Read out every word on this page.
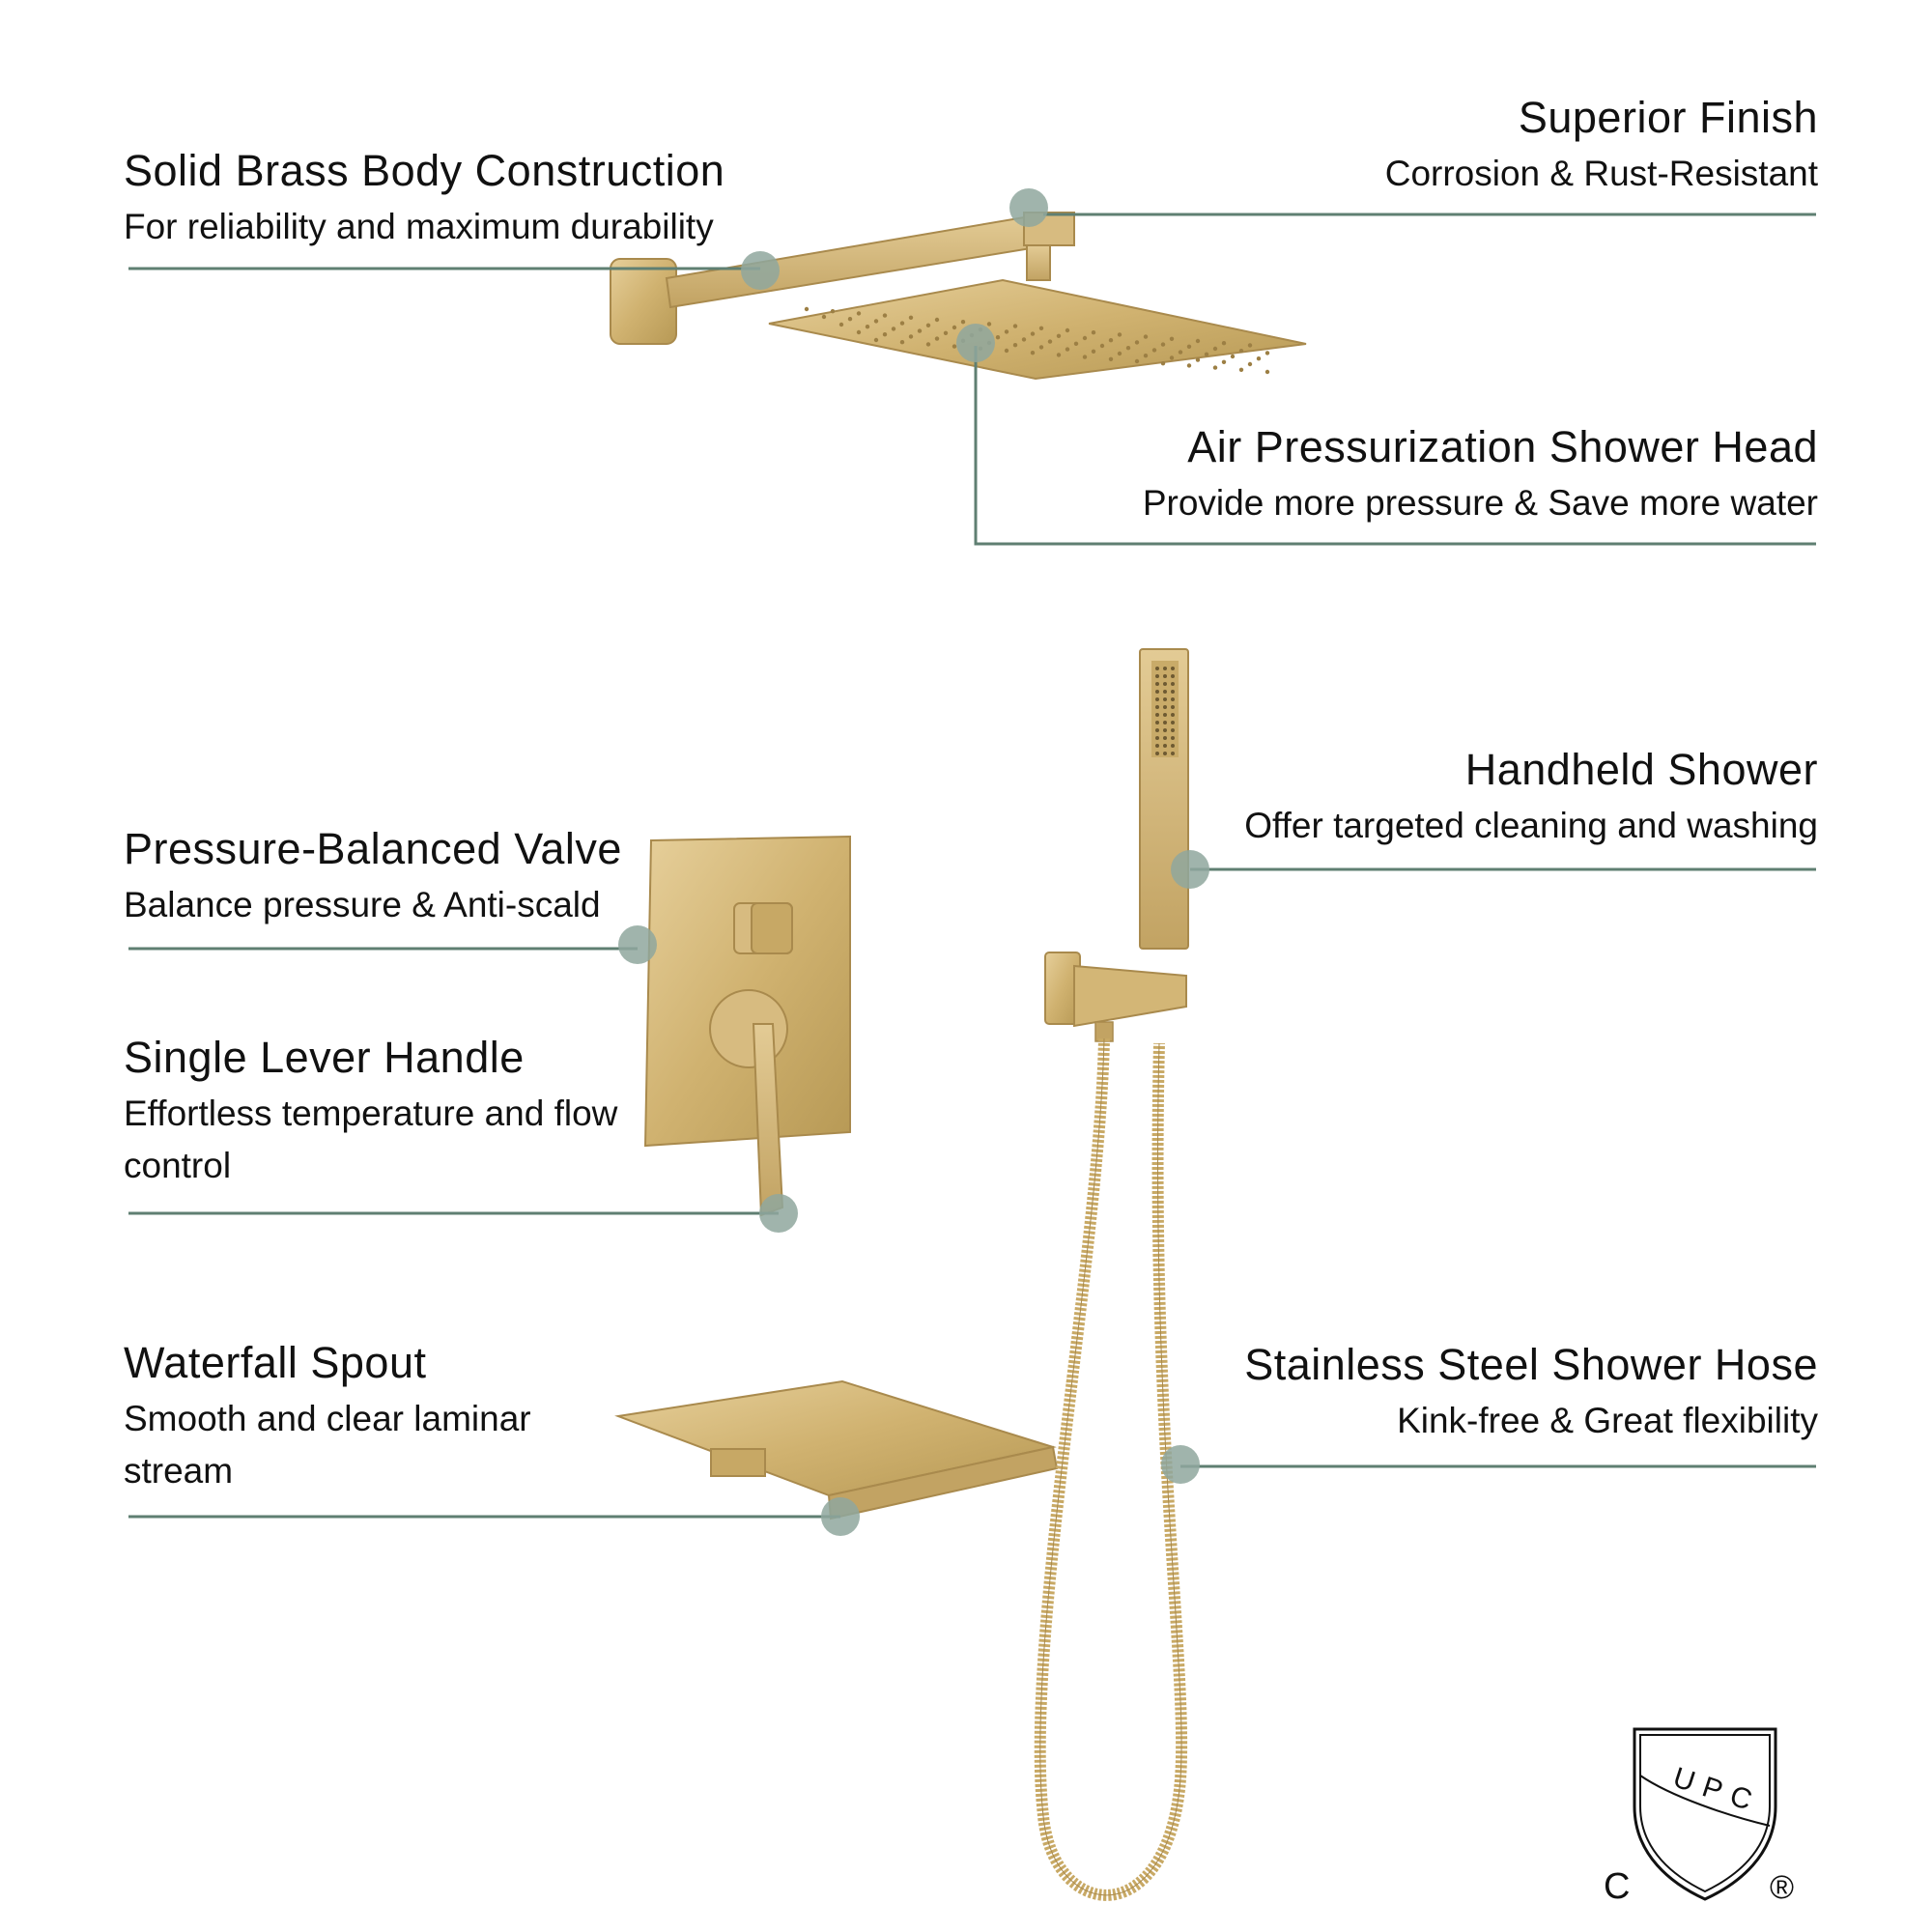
Solid Brass Body Construction
For reliability and maximum durability
Superior Finish
Corrosion & Rust-Resistant
Air Pressurization Shower Head
Provide more pressure & Save more water
Handheld Shower
Offer targeted cleaning and washing
Pressure-Balanced Valve
Balance pressure & Anti-scald
Single Lever Handle
Effortless temperature and flow control
Waterfall Spout
Smooth and clear laminar stream
Stainless Steel Shower Hose
Kink-free & Great flexibility
UPC
C	®
